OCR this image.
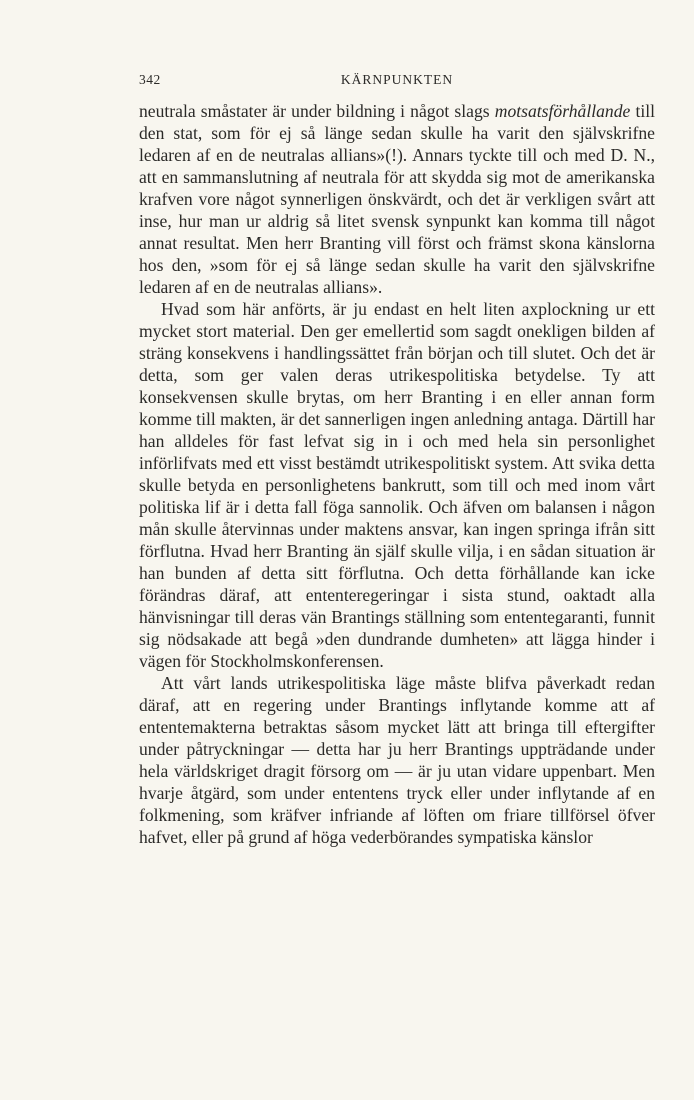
342	KÄRNPUNKTEN

neutrala småstater är under bildning i något slags motsatsförhållande till den stat, som för ej så länge sedan skulle ha varit den självskrifne ledaren af en de neutralas allians»(!). Annars tyckte till och med D. N., att en sammanslutning af neutrala för att skydda sig mot de amerikanska krafven vore något synnerligen önskvärdt, och det är verkligen svårt att inse, hur man ur aldrig så litet svensk synpunkt kan komma till något annat resultat. Men herr Branting vill först och främst skona känslorna hos den, »som för ej så länge sedan skulle ha varit den självskrifne ledaren af en de neutralas allians».

Hvad som här anförts, är ju endast en helt liten axplockning ur ett mycket stort material. Den ger emellertid som sagdt onekligen bilden af sträng konsekvens i handlingssättet från början och till slutet. Och det är detta, som ger valen deras utrikespolitiska betydelse. Ty att konsekvensen skulle brytas, om herr Branting i en eller annan form komme till makten, är det sannerligen ingen anledning antaga. Därtill har han alldeles för fast lefvat sig in i och med hela sin personlighet införlifvats med ett visst bestämdt utrikespolitiskt system. Att svika detta skulle betyda en personlighetens bankrutt, som till och med inom vårt politiska lif är i detta fall föga sannolik. Och äfven om balansen i någon mån skulle återvinnas under maktens ansvar, kan ingen springa ifrån sitt förflutna. Hvad herr Branting än själf skulle vilja, i en sådan situation är han bunden af detta sitt förflutna. Och detta förhållande kan icke förändras däraf, att ententeregeringar i sista stund, oaktadt alla hänvisningar till deras vän Brantings ställning som ententegaranti, funnit sig nödsakade att begå »den dundrande dumheten» att lägga hinder i vägen för Stockholmskonferensen.

Att vårt lands utrikespolitiska läge måste blifva påverkadt redan däraf, att en regering under Brantings inflytande komme att af ententemakterna betraktas såsom mycket lätt att bringa till eftergifter under påtryckningar — detta har ju herr Brantings uppträdande under hela världskriget dragit försorg om — är ju utan vidare uppenbart. Men hvarje åtgärd, som under ententens tryck eller under inflytande af en folkmening, som kräfver infriande af löften om friare tillförsel öfver hafvet, eller på grund af höga vederbörandes sympatiska känslor
